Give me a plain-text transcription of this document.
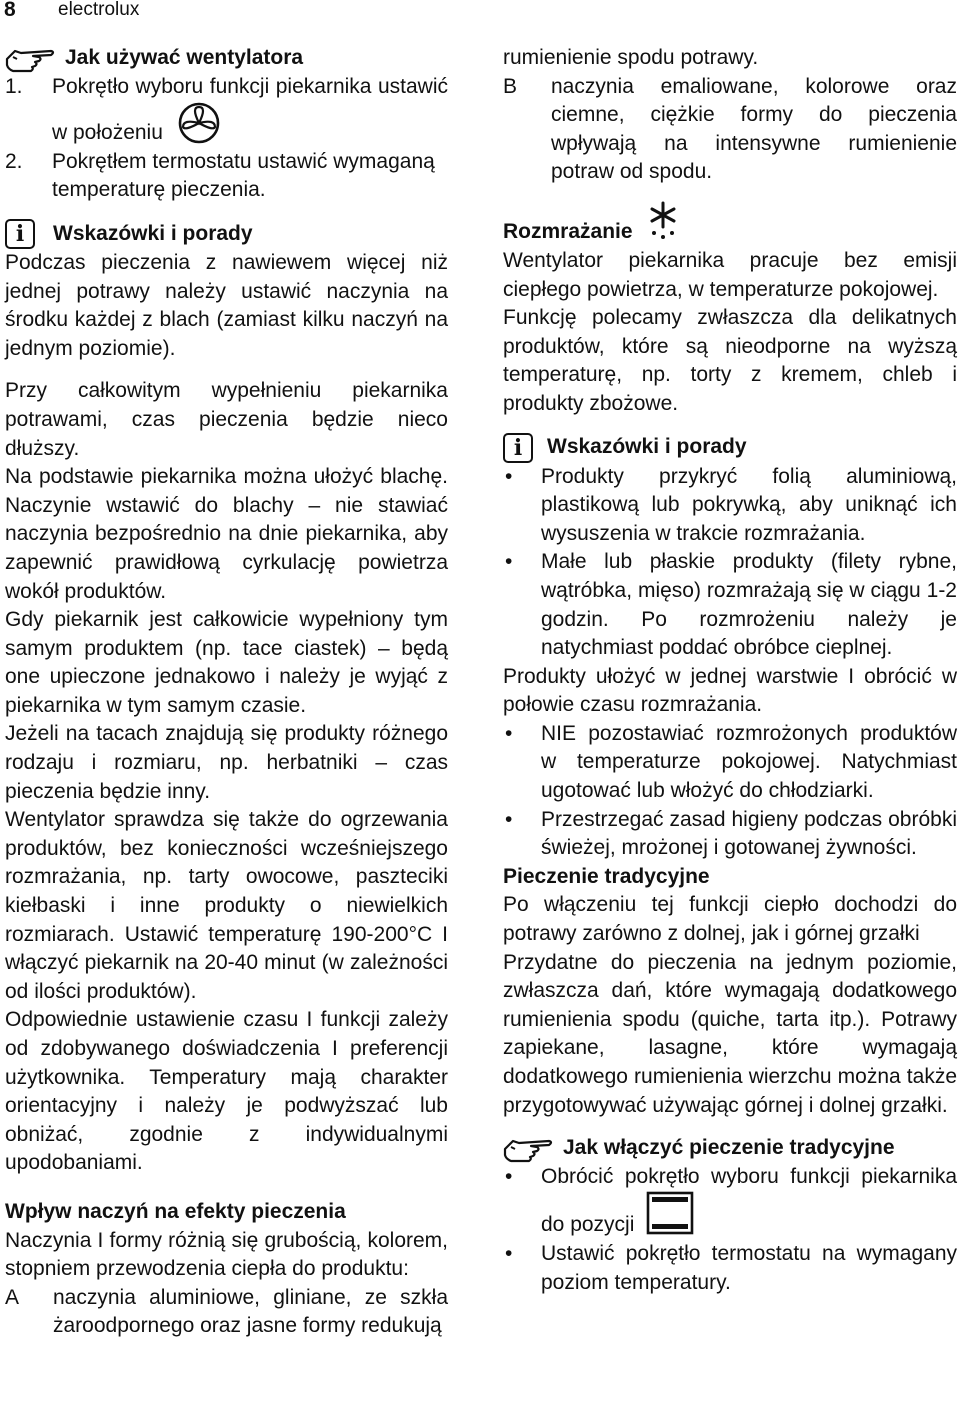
8 electrolux
Jak używać wentylatora
1.	Pokrętło wyboru funkcji piekarnika ustawić w położeniu
2.	Pokrętłem termostatu ustawić wymaganą temperaturę pieczenia.
i	Wskazówki i porady

Podczas pieczenia z nawiewem więcej niż jednej potrawy należy ustawić naczynia na środku każdej z blach (zamiast kilku naczyń na jednym poziomie).

Przy całkowitym wypełnieniu piekarnika potrawami, czas pieczenia będzie nieco dłuższy.

Na podstawie piekarnika można ułożyć blachę. Naczynie wstawić do blachy – nie stawiać naczynia bezpośrednio na dnie piekarnika, aby zapewnić prawidłową cyrkulację powietrza wokół produktów.

Gdy piekarnik jest całkowicie wypełniony tym samym produktem (np. tace ciastek) – będą one upieczone jednakowo i należy je wyjąć z piekarnika w tym samym czasie.

Jeżeli na tacach znajdują się produkty różnego rodzaju i rozmiaru, np. herbatniki – czas pieczenia będzie inny.

Wentylator sprawdza się także do ogrzewania produktów, bez konieczności wcześniejszego rozmrażania, np. tarty owocowe, paszteciki kiełbaski i inne produkty o niewielkich rozmiarach. Ustawić temperaturę 190-200°C I włączyć piekarnik na 20-40 minut (w zależności od ilości produktów).

Odpowiednie ustawienie czasu I funkcji zależy od zdobywanego doświadczenia I preferencji użytkownika. Temperatury mają charakter orientacyjny i należy je podwyższać lub obniżać, zgodnie z indywidualnymi upodobaniami.

Wpływ naczyń na efekty pieczenia

Naczynia I formy różnią się grubością, kolorem, stopniem przewodzenia ciepła do produktu:

A	naczynia aluminiowe, gliniane, ze szkła żaroodpornego oraz jasne formy redukują

rumienienie spodu potrawy.

B	naczynia emaliowane, kolorowe oraz ciemne, ciężkie formy do pieczenia wpływają na intensywne rumienienie potraw od spodu.
Rozmrażanie

Wentylator piekarnika pracuje bez emisji ciepłego powietrza, w temperaturze pokojowej.

Funkcję polecamy zwłaszcza dla delikatnych produktów, które są nieodporne na wyższą temperaturę, np. torty z kremem, chleb i produkty zbożowe.

i	Wskazówki i porady
• Produkty przykryć folią aluminiową, plastikową lub pokrywką, aby uniknąć ich wysuszenia w trakcie rozmrażania.
• Małe lub płaskie produkty (filety rybne, wątróbka, mięso) rozmrażają się w ciągu 1-2 godzin. Po rozmrożeniu należy je natychmiast poddać obróbce cieplnej.

Produkty ułożyć w jednej warstwie I obrócić w połowie czasu rozmrażania.

• NIE pozostawiać rozmrożonych produktów w temperaturze pokojowej. Natychmiast ugotować lub włożyć do chłodziarki.
• Przestrzegać zasad higieny podczas obróbki świeżej, mrożonej i gotowanej żywności.
Pieczenie tradycyjne

Po włączeniu tej funkcji ciepło dochodzi do potrawy zarówno z dolnej, jak i górnej grzałki

Przydatne do pieczenia na jednym poziomie, zwłaszcza dań, które wymagają dodatkowego rumienienia spodu (quiche, tarta itp.). Potrawy zapiekane, lasagne, które wymagają dodatkowego rumienienia wierzchu można także przygotowywać używając górnej i dolnej grzałki.

Jak włączyć pieczenie tradycyjne
• Obrócić pokrętło wyboru funkcji piekarnika do pozycji
• Ustawić pokrętło termostatu na wymagany poziom temperatury.
